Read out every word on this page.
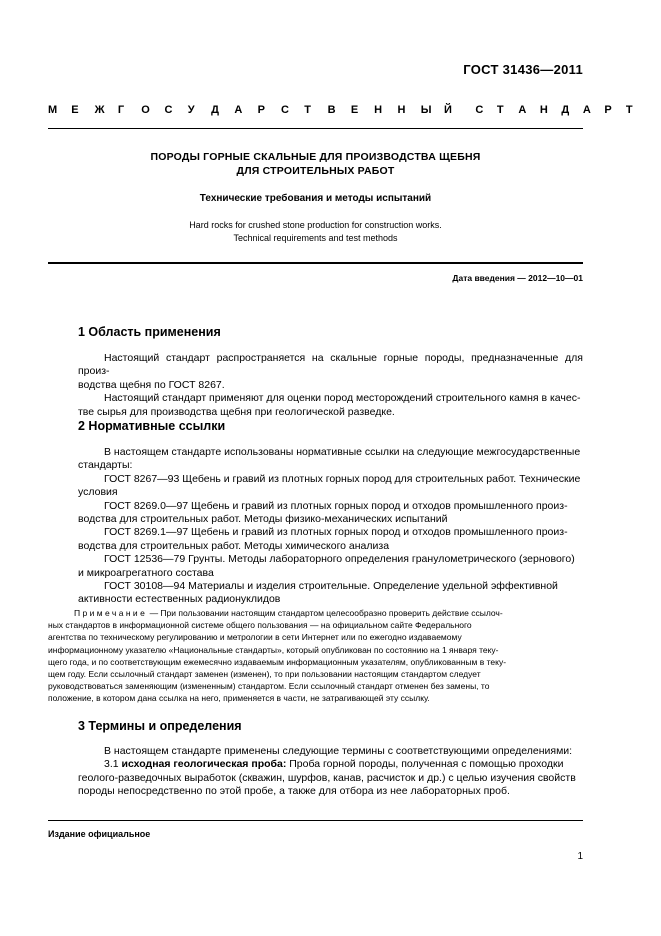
ГОСТ 31436—2011
М	Е	Ж	Г	О	С	У	Д	А	Р	С	Т	В	Е	Н	Н	Ы	Й	С	Т	А	Н	Д	А	Р	Т
ПОРОДЫ ГОРНЫЕ СКАЛЬНЫЕ ДЛЯ ПРОИЗВОДСТВА ЩЕБНЯ
ДЛЯ СТРОИТЕЛЬНЫХ РАБОТ
Технические требования и методы испытаний
Hard rocks for crushed stone production for construction works.
Technical requirements and test methods
Дата введения — 2012—10—01
1 Область применения
Настоящий стандарт распространяется на скальные горные породы, предназначенные для произ-
водства щебня по ГОСТ 8267.
Настоящий стандарт применяют для оценки пород месторождений строительного камня в качес-
тве сырья для производства щебня при геологической разведке.
2 Нормативные ссылки
В настоящем стандарте использованы нормативные ссылки на следующие межгосударственные
стандарты:
ГОСТ 8267—93 Щебень и гравий из плотных горных пород для строительных работ. Технические
условия
ГОСТ 8269.0—97 Щебень и гравий из плотных горных пород и отходов промышленного произ-
водства для строительных работ. Методы физико-механических испытаний
ГОСТ 8269.1—97 Щебень и гравий из плотных горных пород и отходов промышленного произ-
водства для строительных работ. Методы химического анализа
ГОСТ 12536—79 Грунты. Методы лабораторного определения гранулометрического (зернового)
и микроагрегатного состава
ГОСТ 30108—94 Материалы и изделия строительные. Определение удельной эффективной
активности естественных радионуклидов
Примечание — При пользовании настоящим стандартом целесообразно проверить действие ссылоч-
ных стандартов в информационной системе общего пользования — на официальном сайте Федерального
агентства по техническому регулированию и метрологии в сети Интернет или по ежегодно издаваемому
информационному указателю «Национальные стандарты», который опубликован по состоянию на 1 января теку-
щего года, и по соответствующим ежемесячно издаваемым информационным указателям, опубликованным в теку-
щем году. Если ссылочный стандарт заменен (изменен), то при пользовании настоящим стандартом следует
руководствоваться заменяющим (измененным) стандартом. Если ссылочный стандарт отменен без замены, то
положение, в котором дана ссылка на него, применяется в части, не затрагивающей эту ссылку.
3 Термины и определения
В настоящем стандарте применены следующие термины с соответствующими определениями:
3.1 исходная геологическая проба: Проба горной породы, полученная с помощью проходки
геолого-разведочных выработок (скважин, шурфов, канав, расчисток и др.) с целью изучения свойств
породы непосредственно по этой пробе, а также для отбора из нее лабораторных проб.
Издание официальное
1
